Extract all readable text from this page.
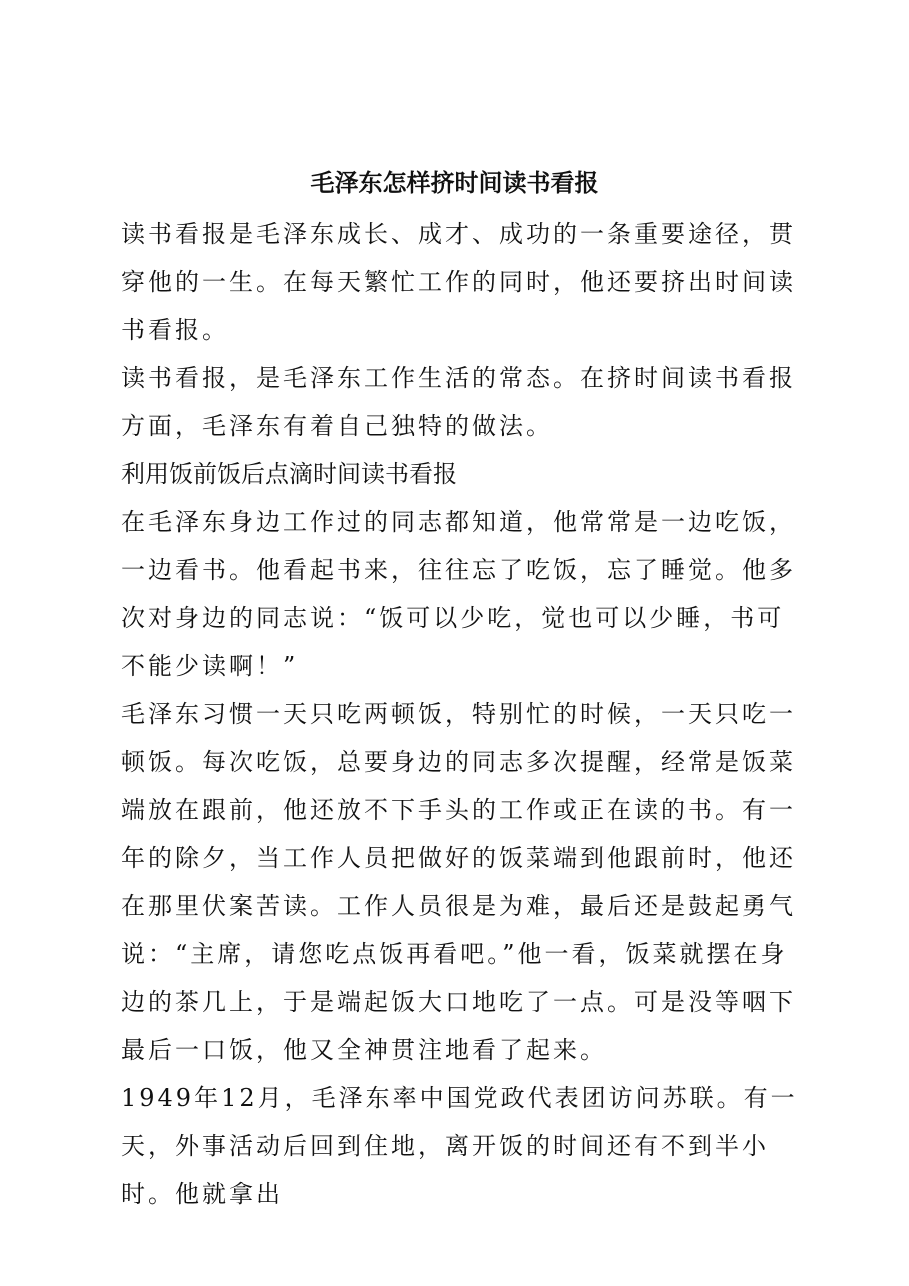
毛泽东怎样挤时间读书看报

读书看报是毛泽东成长、成才、成功的一条重要途径，贯穿他的一生。在每天繁忙工作的同时，他还要挤出时间读书看报。

读书看报，是毛泽东工作生活的常态。在挤时间读书看报方面，毛泽东有着自己独特的做法。

利用饭前饭后点滴时间读书看报

在毛泽东身边工作过的同志都知道，他常常是一边吃饭，一边看书。他看起书来，往往忘了吃饭，忘了睡觉。他多次对身边的同志说：“饭可以少吃，觉也可以少睡，书可不能少读啊！”

毛泽东习惯一天只吃两顿饭，特别忙的时候，一天只吃一顿饭。每次吃饭，总要身边的同志多次提醒，经常是饭菜端放在跟前，他还放不下手头的工作或正在读的书。有一年的除夕，当工作人员把做好的饭菜端到他跟前时，他还在那里伏案苦读。工作人员很是为难，最后还是鼓起勇气说：“主席，请您吃点饭再看吧。”他一看，饭菜就摆在身边的茶几上，于是端起饭大口地吃了一点。可是没等咽下最后一口饭，他又全神贯注地看了起来。

1949年12月，毛泽东率中国党政代表团访问苏联。有一天，外事活动后回到住地，离开饭的时间还有不到半小时。他就拿出
